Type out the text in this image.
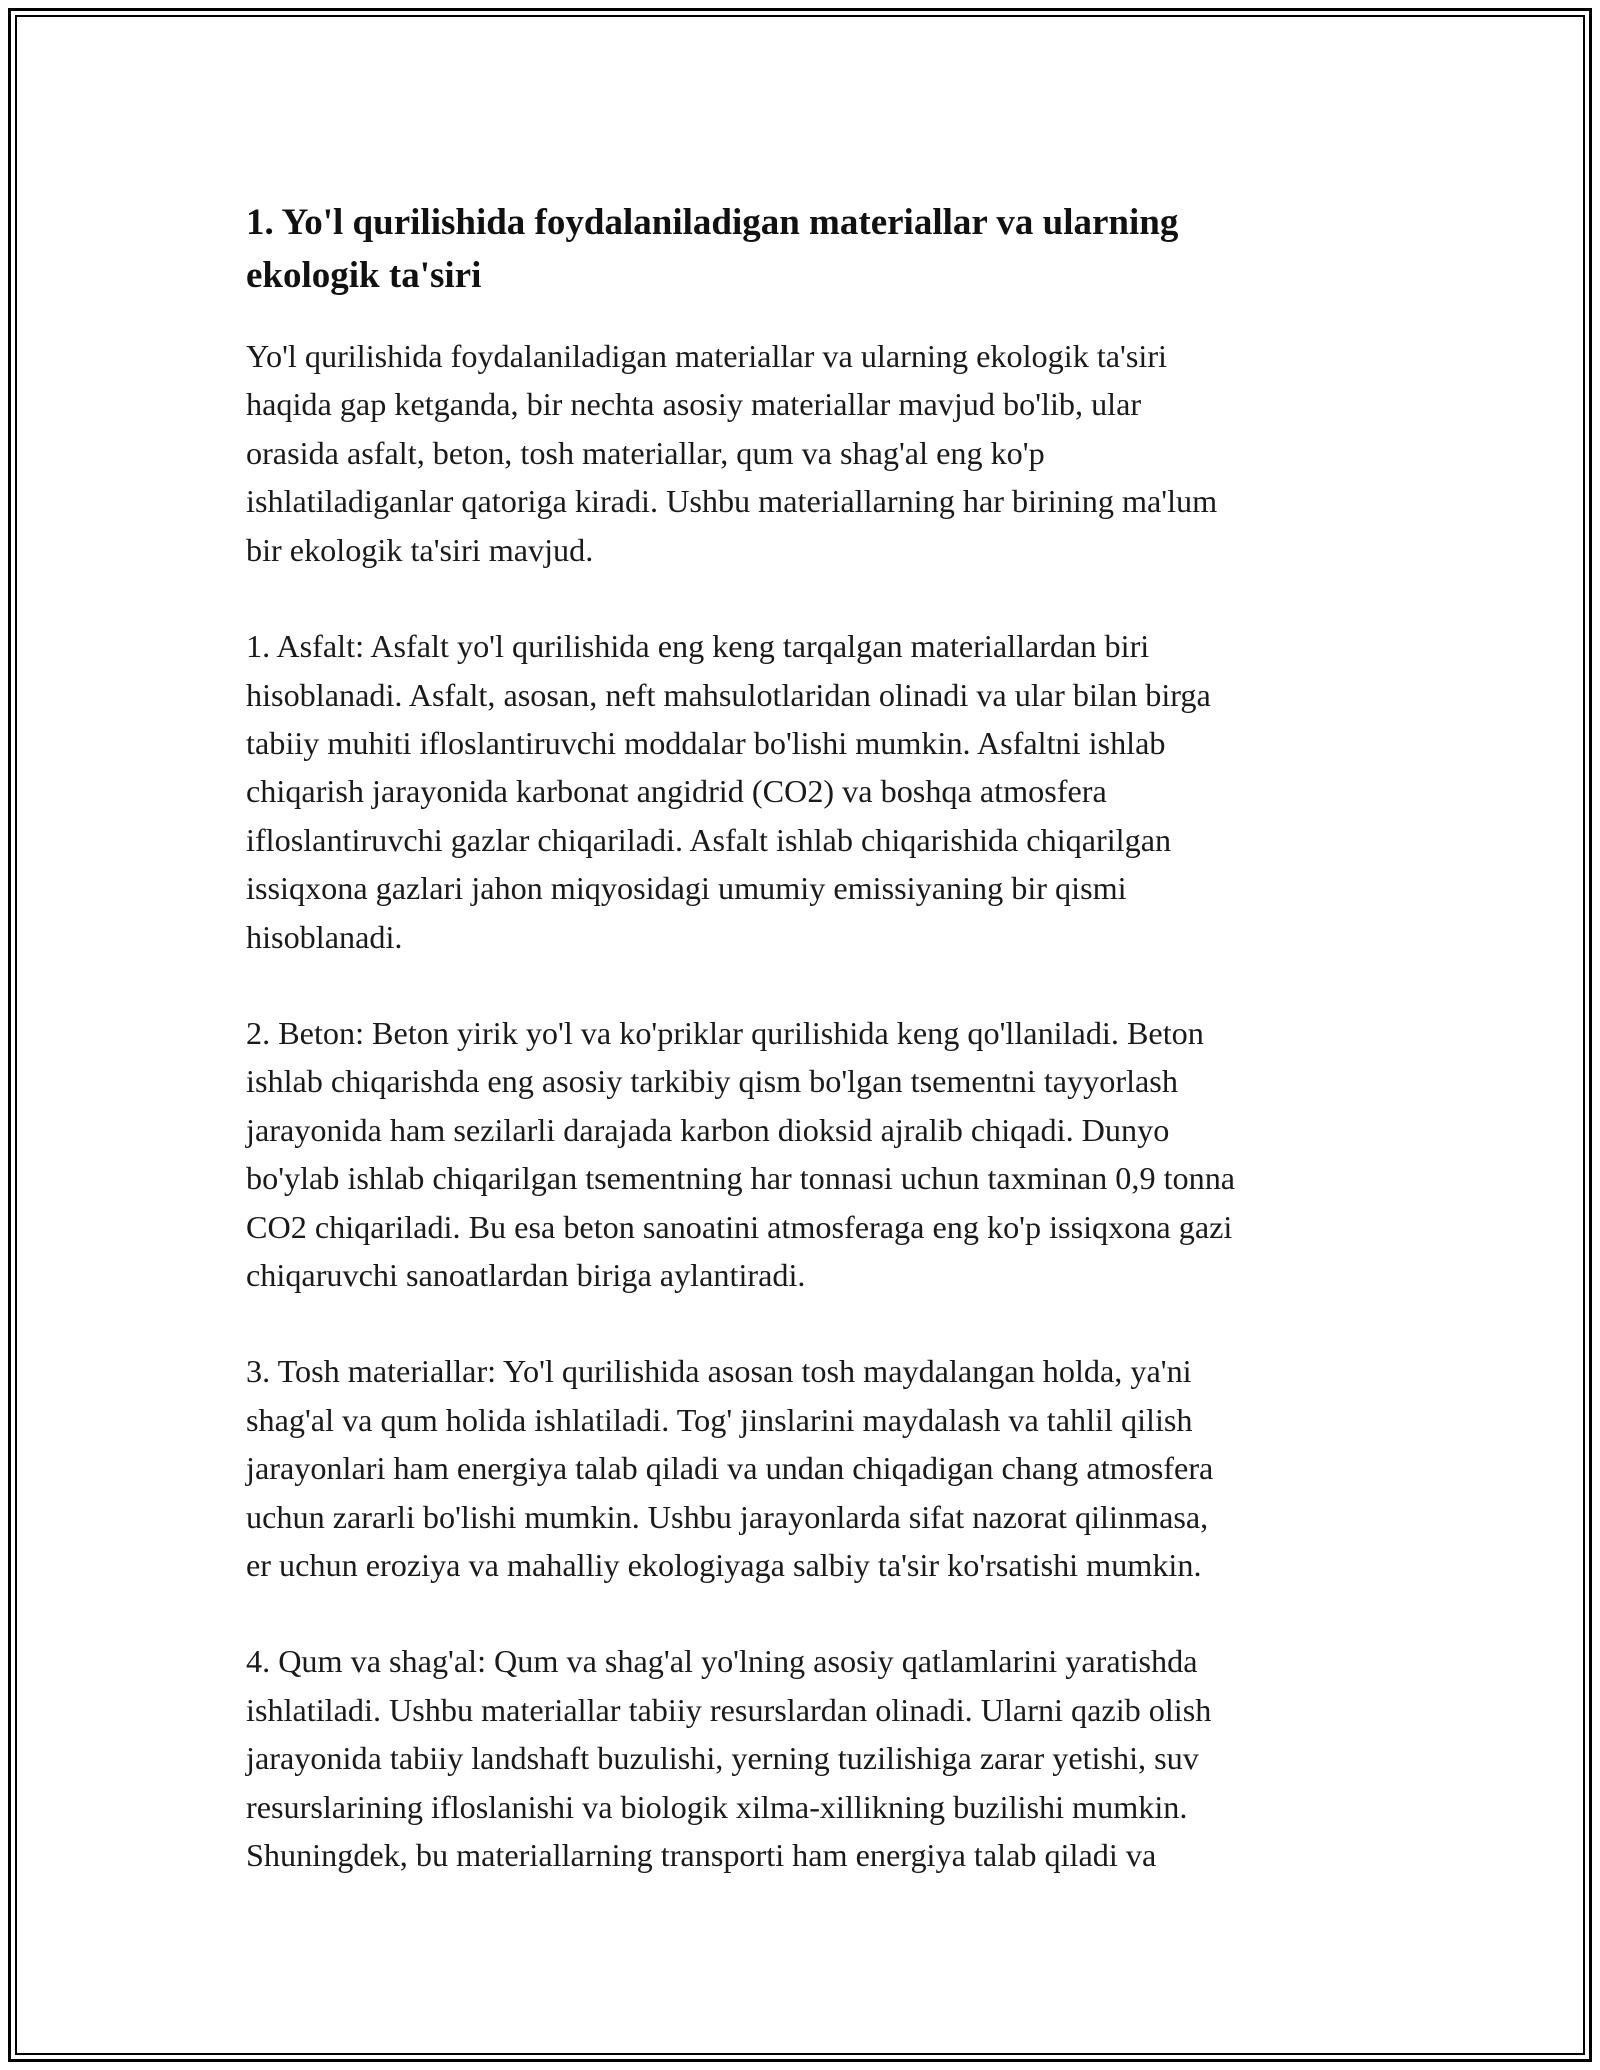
1. Yo'l qurilishida foydalaniladigan materiallar va ularning
ekologik ta'siri

Yo'l qurilishida foydalaniladigan materiallar va ularning ekologik ta'siri
haqida gap ketganda, bir nechta asosiy materiallar mavjud bo'lib, ular
orasida asfalt, beton, tosh materiallar, qum va shag'al eng ko'p
ishlatiladiganlar qatoriga kiradi. Ushbu materiallarning har birining ma'lum
bir ekologik ta'siri mavjud.

1. Asfalt: Asfalt yo'l qurilishida eng keng tarqalgan materiallardan biri
hisoblanadi. Asfalt, asosan, neft mahsulotlaridan olinadi va ular bilan birga
tabiiy muhiti ifloslantiruvchi moddalar bo'lishi mumkin. Asfaltni ishlab
chiqarish jarayonida karbonat angidrid (CO2) va boshqa atmosfera
ifloslantiruvchi gazlar chiqariladi. Asfalt ishlab chiqarishida chiqarilgan
issiqxona gazlari jahon miqyosidagi umumiy emissiyaning bir qismi
hisoblanadi.

2. Beton: Beton yirik yo'l va ko'priklar qurilishida keng qo'llaniladi. Beton
ishlab chiqarishda eng asosiy tarkibiy qism bo'lgan tsementni tayyorlash
jarayonida ham sezilarli darajada karbon dioksid ajralib chiqadi. Dunyo
bo'ylab ishlab chiqarilgan tsementning har tonnasi uchun taxminan 0,9 tonna
CO2 chiqariladi. Bu esa beton sanoatini atmosferaga eng ko'p issiqxona gazi
chiqaruvchi sanoatlardan biriga aylantiradi.

3. Tosh materiallar: Yo'l qurilishida asosan tosh maydalangan holda, ya'ni
shag'al va qum holida ishlatiladi. Tog' jinslarini maydalash va tahlil qilish
jarayonlari ham energiya talab qiladi va undan chiqadigan chang atmosfera
uchun zararli bo'lishi mumkin. Ushbu jarayonlarda sifat nazorat qilinmasa,
er uchun eroziya va mahalliy ekologiyaga salbiy ta'sir ko'rsatishi mumkin.

4. Qum va shag'al: Qum va shag'al yo'lning asosiy qatlamlarini yaratishda
ishlatiladi. Ushbu materiallar tabiiy resurslardan olinadi. Ularni qazib olish
jarayonida tabiiy landshaft buzulishi, yerning tuzilishiga zarar yetishi, suv
resurslarining ifloslanishi va biologik xilma-xillikning buzilishi mumkin.
Shuningdek, bu materiallarning transporti ham energiya talab qiladi va
